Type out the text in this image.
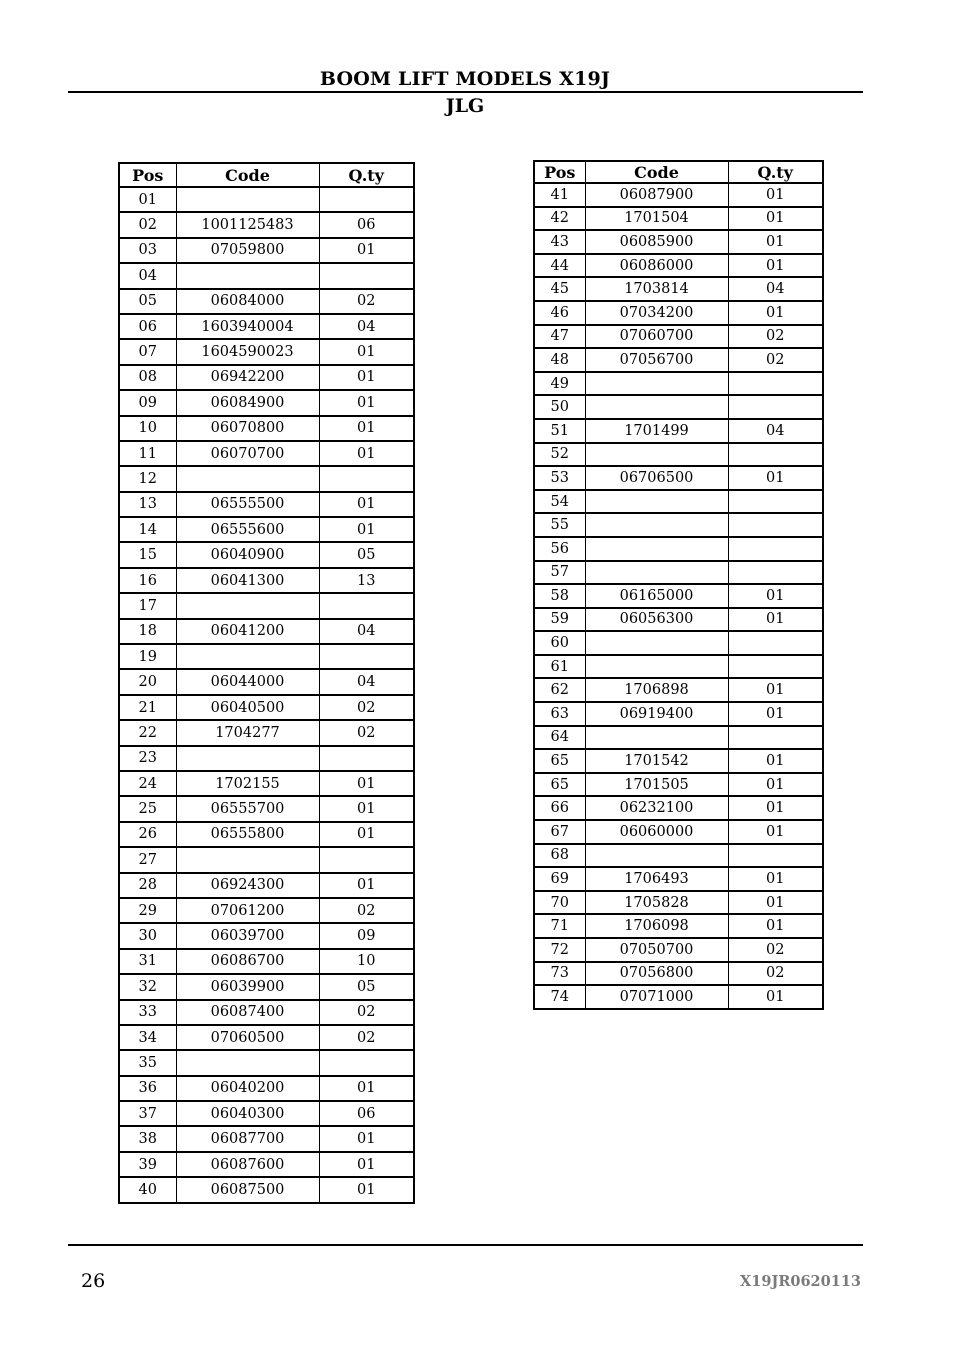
BOOM LIFT MODELS X19J
JLG
Pos	Code	Q.ty
01		
02	1001125483	06
03	07059800	01
04		
05	06084000	02
06	1603940004	04
07	1604590023	01
08	06942200	01
09	06084900	01
10	06070800	01
11	06070700	01
12		
13	06555500	01
14	06555600	01
15	06040900	05
16	06041300	13
17		
18	06041200	04
19		
20	06044000	04
21	06040500	02
22	1704277	02
23		
24	1702155	01
25	06555700	01
26	06555800	01
27		
28	06924300	01
29	07061200	02
30	06039700	09
31	06086700	10
32	06039900	05
33	06087400	02
34	07060500	02
35		
36	06040200	01
37	06040300	06
38	06087700	01
39	06087600	01
40	06087500	01
Pos	Code	Q.ty
41	06087900	01
42	1701504	01
43	06085900	01
44	06086000	01
45	1703814	04
46	07034200	01
47	07060700	02
48	07056700	02
49		
50		
51	1701499	04
52		
53	06706500	01
54		
55		
56		
57		
58	06165000	01
59	06056300	01
60		
61		
62	1706898	01
63	06919400	01
64		
65	1701542	01
65	1701505	01
66	06232100	01
67	06060000	01
68		
69	1706493	01
70	1705828	01
71	1706098	01
72	07050700	02
73	07056800	02
74	07071000	01
26	X19JR0620113
